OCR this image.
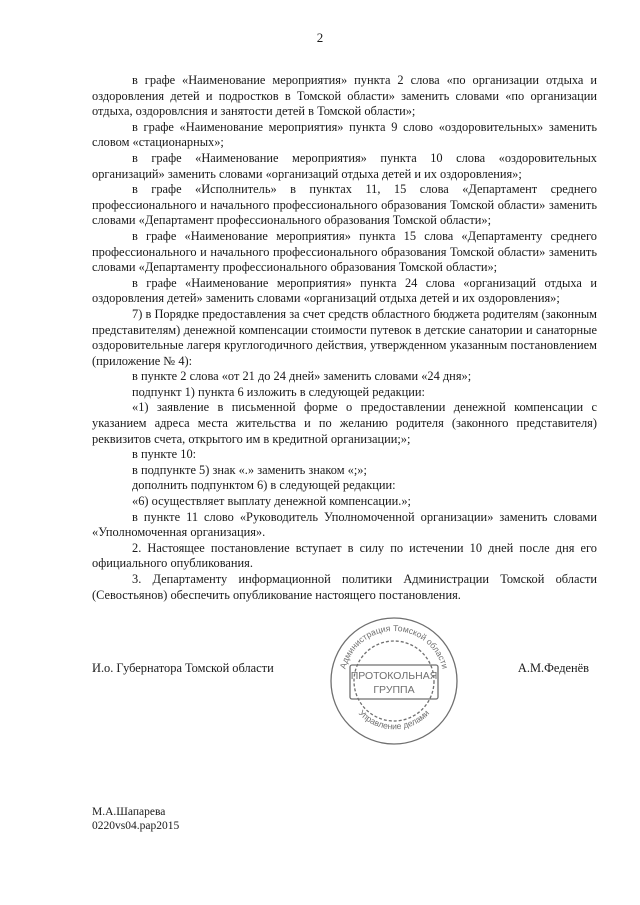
2

в графе «Наименование мероприятия» пункта 2 слова «по организации отдыха и оздоровления детей и подростков в Томской области» заменить словами «по организации отдыха, оздоровлсния и занятости детей в Томской области»;

в графе «Наименование мероприятия» пункта 9 слово «оздоровительных» заменить словом «стационарных»;

в графе «Наименование мероприятия» пункта 10 слова «оздоровительных организаций» заменить словами «организаций отдыха детей и их оздоровления»;

в графе «Исполнитель» в пунктах 11, 15 слова «Департамент среднего профессионального и начального профессионального образования Томской области» заменить словами «Департамент профессионального образования Томской области»;

в графе «Наименование мероприятия» пункта 15 слова «Департаменту среднего профессионального и начального профессионального образования Томской области» заменить словами «Департаменту профессионального образования Томской области»;

в графе «Наименование мероприятия» пункта 24 слова «организаций отдыха и оздоровления детей» заменить словами «организаций отдыха детей и их оздоровления»;

7) в Порядке предоставления за счет средств областного бюджета родителям (законным представителям) денежной компенсации стоимости путевок в детские санатории и санаторные оздоровительные лагеря круглогодичного действия, утвержденном указанным постановлением (приложение № 4):

в пункте 2 слова «от 21 до 24 дней» заменить словами «24 дня»;

подпункт 1) пункта 6 изложить в следующей редакции:

«1) заявление в письменной форме о предоставлении денежной компенсации с указанием адреса места жительства и по желанию родителя (законного представителя) реквизитов счета, открытого им в кредитной организации;»;

в пункте 10:

в подпункте 5) знак «.» заменить знаком «;»;

дополнить подпунктом 6) в следующей редакции:

«6) осуществляет выплату денежной компенсации.»;

в пункте 11 слово «Руководитель Уполномоченной организации» заменить словами «Уполномоченная организация».

2. Настоящее постановление вступает в силу по истечении 10 дней после дня его официального опубликования.

3. Департаменту информационной политики Администрации Томской области (Севостьянов) обеспечить опубликование настоящего постановления.

И.о. Губернатора Томской области	А.М.Феденёв
Администрация Томской области
Управление делами
ПРОТОКОЛЬНАЯ
ГРУППА
М.А.Шапарева
0220vs04.pap2015
